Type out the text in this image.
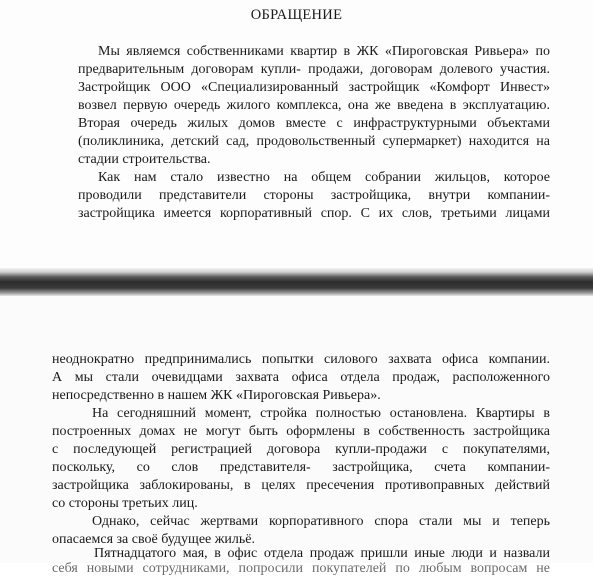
ОБРАЩЕНИЕ
Мы являемся собственниками квартир в ЖК «Пироговская Ривьера» по
предварительным договорам купли- продажи, договорам долевого участия.
Застройщик ООО «Специализированный застройщик «Комфорт Инвест»
возвел первую очередь жилого комплекса, она же введена в эксплуатацию.
Вторая очередь жилых домов вместе с инфраструктурными объектами
(поликлиника, детский сад, продовольственный супермаркет) находится на
стадии строительства.
Как нам стало известно на общем собрании жильцов, которое
проводили представители стороны застройщика, внутри компании-
застройщика имеется корпоративный спор. С их слов, третьими лицами
неоднократно предпринимались попытки силового захвата офиса компании.
А мы стали очевидцами захвата офиса отдела продаж, расположенного
непосредственно в нашем ЖК «Пироговская Ривьера».
На сегодняшний момент, стройка полностью остановлена. Квартиры в
построенных домах не могут быть оформлены в собственность застройщика
с последующей регистрацией договора купли-продажи с покупателями,
поскольку, со слов представителя- застройщика, счета компании-
застройщика заблокированы, в целях пресечения противоправных действий
со стороны третьих лиц.
Однако, сейчас жертвами корпоративного спора стали мы и теперь
опасаемся за своё будущее жильё.
Пятнадцатого мая, в офис отдела продаж пришли иные люди и назвали
себя новыми сотрудниками, попросили покупателей по любым вопросам не
